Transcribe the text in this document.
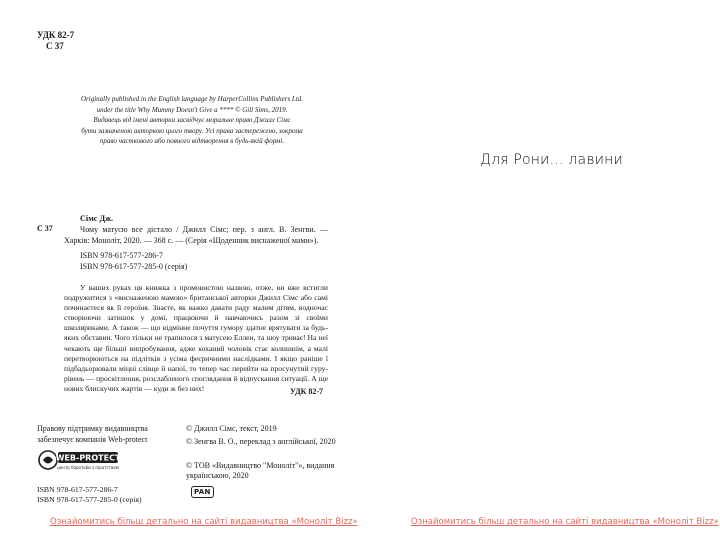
УДК 82-7
С 37
Originally published in the English language by HarperCollins Publishers Ltd.
under the title Why Mummy Doesn't Give a **** © Gill Sims, 2019.
Видавець від імені авторки засвідчує моральне право Джилл Сімс
бути зазначеною авторкою цього твору. Усі права застережено, зокрема
право часткового або повного відтворення в будь-якій формі.
С 37
Сімс Дж.
Чому матусю все дістало / Джилл Сімс; пер. з англ. В. Зенгви. — Харків: Моноліт, 2020. — 368 с. — (Серія «Щоденник виснаженої мами»).
ISBN 978-617-577-286-7
ISBN 978-617-577-285-0 (серія)
У ваших руках ця книжка з промовистою назвою, отже, ви вже встигли подружитися з «виснаженою мамою» британської авторки Джилл Сімс або самі починаєтеся як її героїня. Знаєте, як важко давати раду малим дітям, водночас створюючи затишок у домі, працюючи й навчаючись разом зі своїми школяриками. А також — що відмінне почуття гумору здатне врятувати за будь-яких обставин. Чого тільки не трапилося з матусею Еллен, та шоу триває! На неї чекають ще більші випробування, адже коханий чоловік стає колишнім, а малі перетворюються на підлітків з усіма феєричними наслідками. І якщо раніше ї підбадьорювали міцні слівце й напої, то тепер час перейти на просунутий гуру-рівень — просвітлення, розслабленого споглядання й відпускання ситуації. А ще нових блискучих жартів — куди ж без них!	УДК 82-7
Правову підтримку видавництва забезпечує компанія Web-protect
WEB-PROTECT
центр боротьби з піратством
ISBN 978-617-577-286-7
ISBN 978-617-577-285-0 (серія)
© Джилл Сімс, текст, 2019
© Зенгва В. О., переклад з англійської, 2020
© ТОВ «Видавництво "Моноліт"», видання українською, 2020
PAN
Ознайомитись більш детально на сайті видавництва «Моноліт Bizz»
Для Рони… лавини
Ознайомитись більш детально на сайті видавництва «Моноліт Bizz»
